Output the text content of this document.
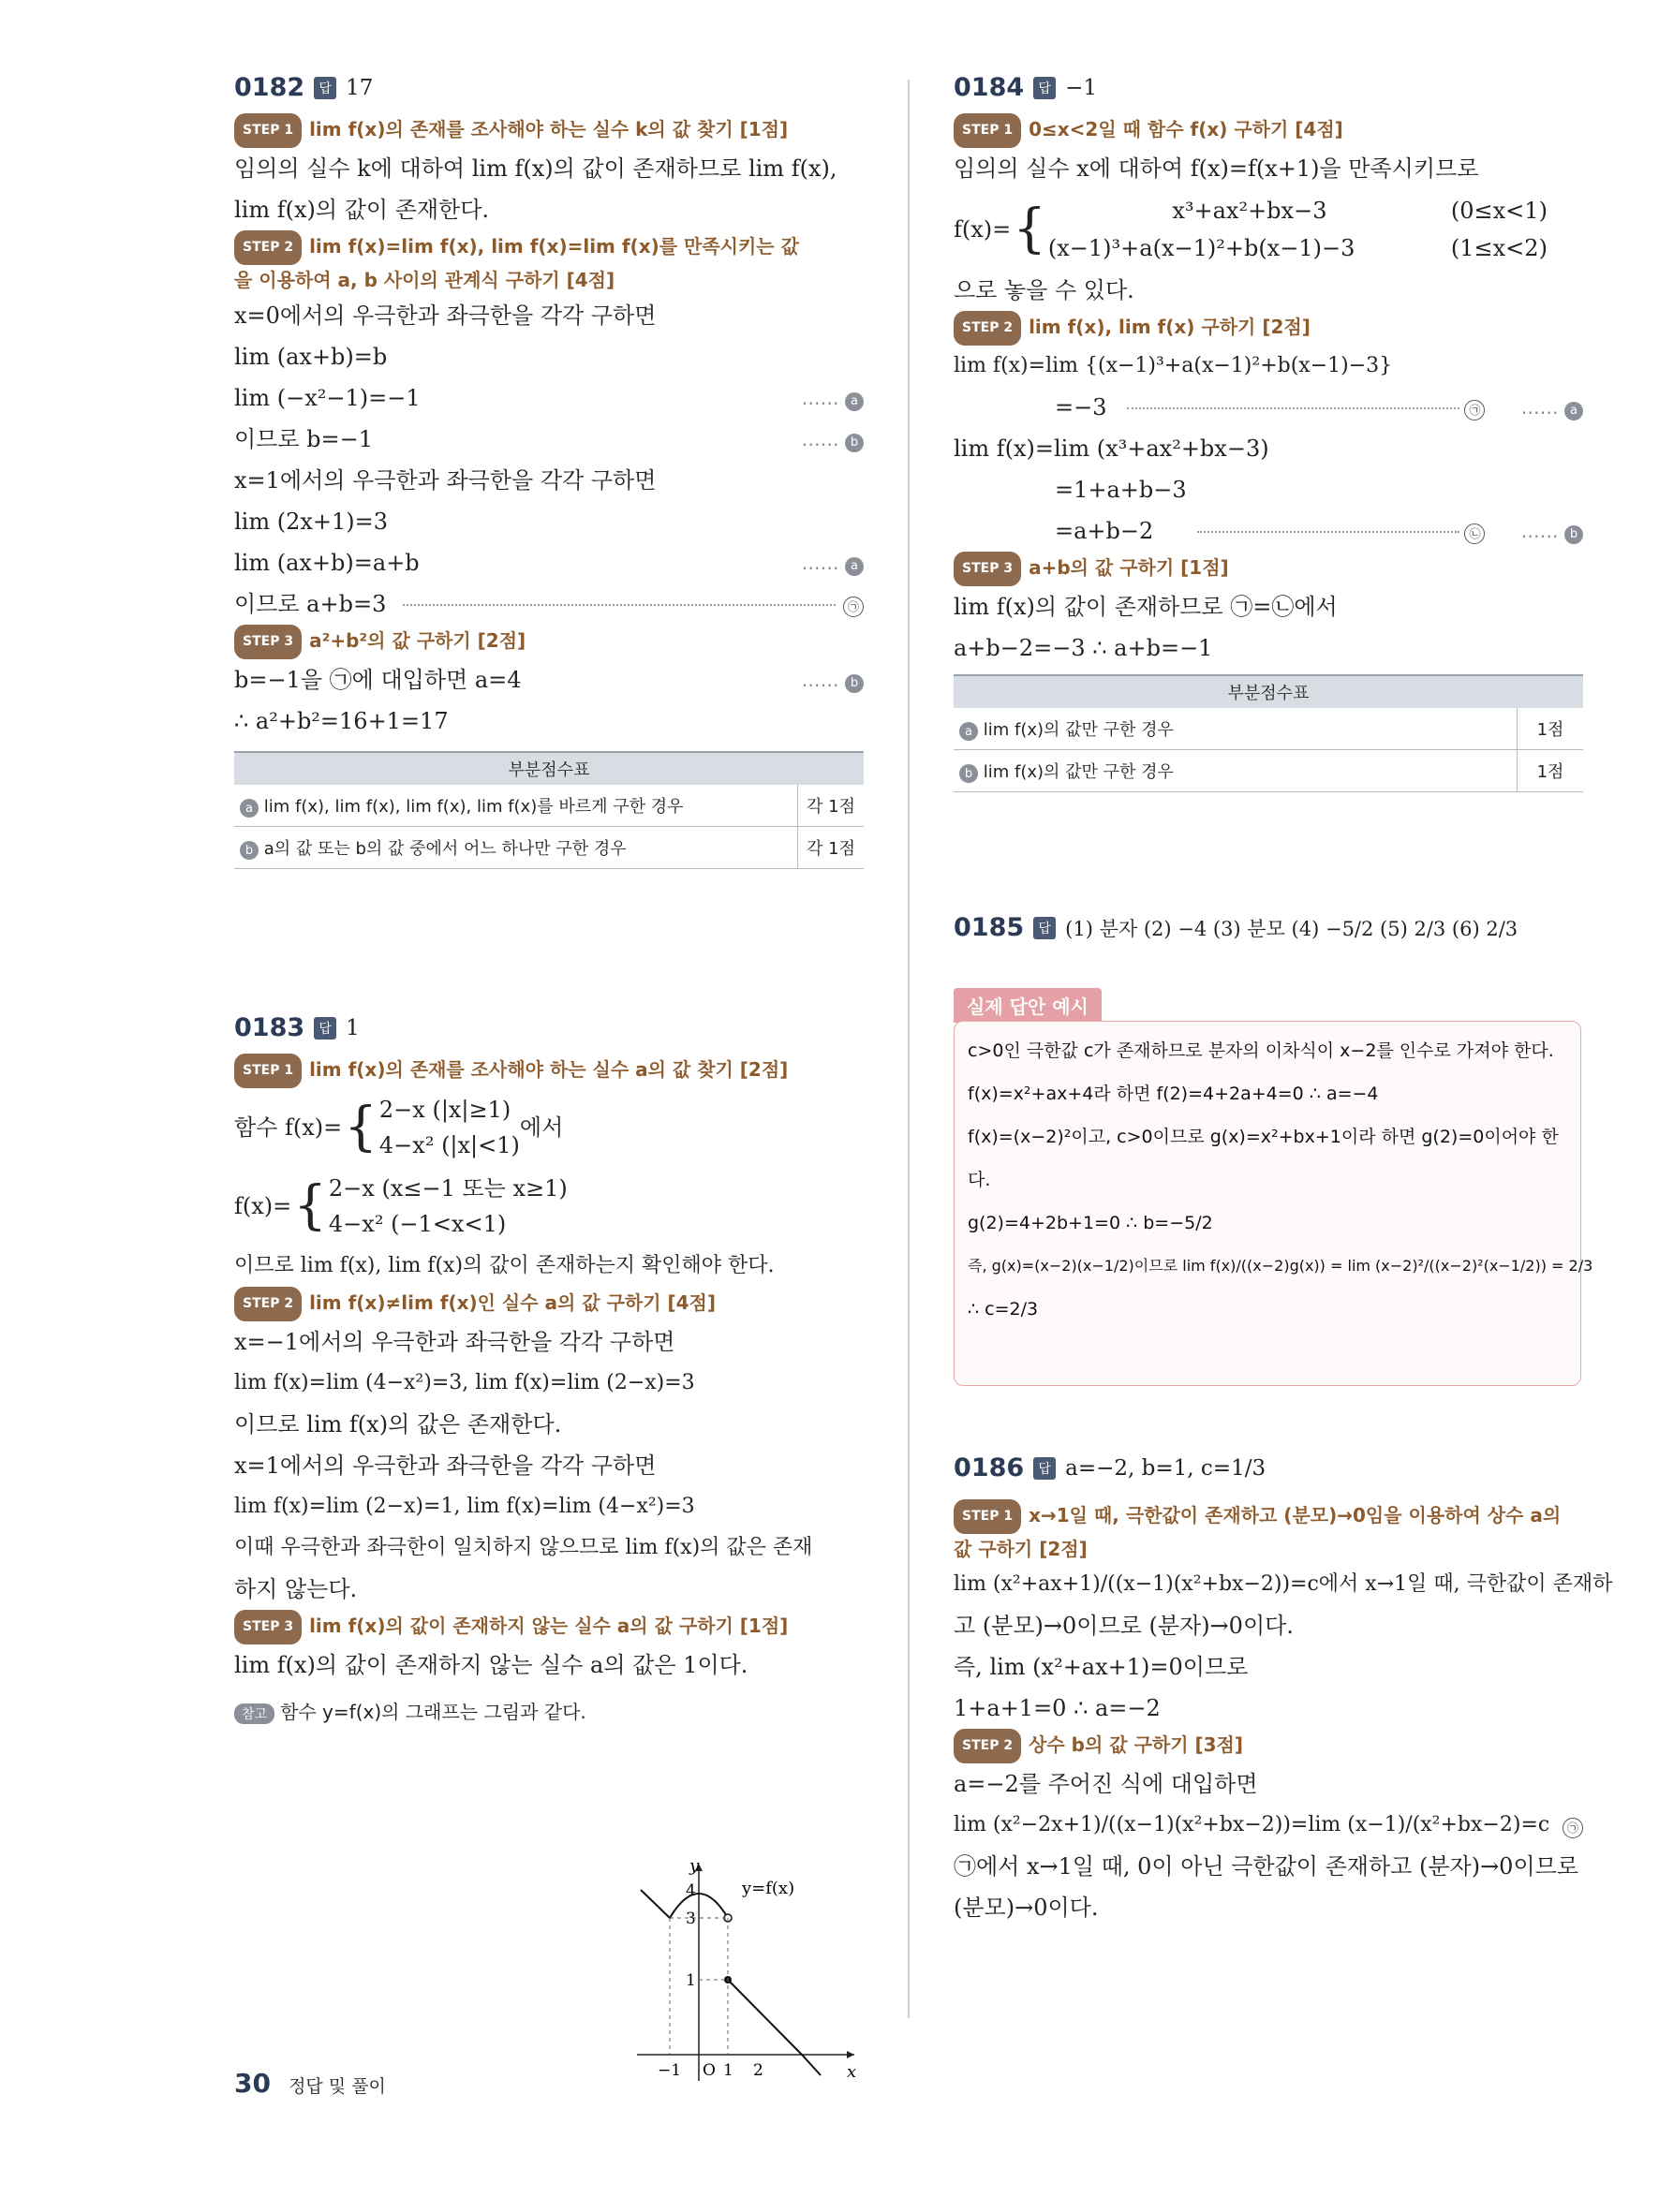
0182	답 17
STEP 1 lim f(x)의 존재를 조사해야 하는 실수 k의 값 찾기 [1점]
임의의 실수 k에 대하여 lim f(x)의 값이 존재하므로 lim f(x),
lim f(x)의 값이 존재한다.
STEP 2 lim f(x)=lim f(x), lim f(x)=lim f(x)를 만족시키는 값
을 이용하여 a, b 사이의 관계식 구하기 [4점]
x=0에서의 우극한과 좌극한을 각각 구하면
lim (ax+b)=b
lim (−x²−1)=−1	…… a
이므로 b=−1	…… b
x=1에서의 우극한과 좌극한을 각각 구하면
lim (2x+1)=3
lim (ax+b)=a+b	…… a
이므로 a+b=3	㉠
STEP 3 a²+b²의 값 구하기 [2점]
b=−1을 ㉠에 대입하면 a=4	…… b
∴ a²+b²=16+1=17
부분점수표	
a lim f(x), lim f(x), lim f(x), lim f(x)를 바르게 구한 경우	각 1점
b a의 값 또는 b의 값 중에서 어느 하나만 구한 경우	각 1점
0183	답 1
STEP 1 lim f(x)의 존재를 조사해야 하는 실수 a의 값 찾기 [2점]
함수 f(x)= { 2−x (|x|≥1)
4−x² (|x|<1)
에서
f(x)= { 2−x (x≤−1 또는 x≥1)
4−x² (−1<x<1)
이므로 lim f(x), lim f(x)의 값이 존재하는지 확인해야 한다.
STEP 2 lim f(x)≠lim f(x)인 실수 a의 값 구하기 [4점]
x=−1에서의 우극한과 좌극한을 각각 구하면
lim f(x)=lim (4−x²)=3, lim f(x)=lim (2−x)=3
이므로 lim f(x)의 값은 존재한다.
x=1에서의 우극한과 좌극한을 각각 구하면
lim f(x)=lim (2−x)=1, lim f(x)=lim (4−x²)=3
이때 우극한과 좌극한이 일치하지 않으므로 lim f(x)의 값은 존재
하지 않는다.
STEP 3 lim f(x)의 값이 존재하지 않는 실수 a의 값 구하기 [1점]
lim f(x)의 값이 존재하지 않는 실수 a의 값은 1이다.
참고 함수 y=f(x)의 그래프는 그림과 같다.
y
x
y=f(x)
4
3
1
−1 O 1 2
0184	답 −1
STEP 1 0≤x<2일 때 함수 f(x) 구하기 [4점]
임의의 실수 x에 대하여 f(x)=f(x+1)을 만족시키므로
f(x)= {	x³+ax²+bx−3	(0≤x<1)
(x−1)³+a(x−1)²+b(x−1)−3	(1≤x<2)
으로 놓을 수 있다.
STEP 2 lim f(x), lim f(x) 구하기 [2점]
lim f(x)=lim {(x−1)³+a(x−1)²+b(x−1)−3}
=−3	㉠ …… a
lim f(x)=lim (x³+ax²+bx−3)
=1+a+b−3
=a+b−2	㉡ …… b
STEP 3 a+b의 값 구하기 [1점]
lim f(x)의 값이 존재하므로 ㉠=㉡에서
a+b−2=−3 ∴ a+b=−1
부분점수표	
a lim f(x)의 값만 구한 경우	1점
b lim f(x)의 값만 구한 경우	1점
0185	답 (1) 분자 (2) −4 (3) 분모 (4) −5/2 (5) 2/3 (6) 2/3
실제 답안 예시
c>0인 극한값 c가 존재하므로 분자의 이차식이 x−2를 인수로 가져야 한다.
f(x)=x²+ax+4라 하면 f(2)=4+2a+4=0 ∴ a=−4
f(x)=(x−2)²이고, c>0이므로 g(x)=x²+bx+1이라 하면 g(2)=0이어야 한
다.
g(2)=4+2b+1=0 ∴ b=−5/2
즉, g(x)=(x−2)(x−1/2)이므로 lim f(x)/((x−2)g(x)) = lim (x−2)²/((x−2)²(x−1/2)) = 2/3
∴ c=2/3
0186	답 a=−2, b=1, c=1/3
STEP 1 x→1일 때, 극한값이 존재하고 (분모)→0임을 이용하여 상수 a의
값 구하기 [2점]
lim (x²+ax+1)/((x−1)(x²+bx−2))=c에서 x→1일 때, 극한값이 존재하
고 (분모)→0이므로 (분자)→0이다.
즉, lim (x²+ax+1)=0이므로
1+a+1=0 ∴ a=−2
STEP 2 상수 b의 값 구하기 [3점]
a=−2를 주어진 식에 대입하면
lim (x²−2x+1)/((x−1)(x²+bx−2))=lim (x−1)/(x²+bx−2)=c	㉠
㉠에서 x→1일 때, 0이 아닌 극한값이 존재하고 (분자)→0이므로
(분모)→0이다.
30 정답 및 풀이
